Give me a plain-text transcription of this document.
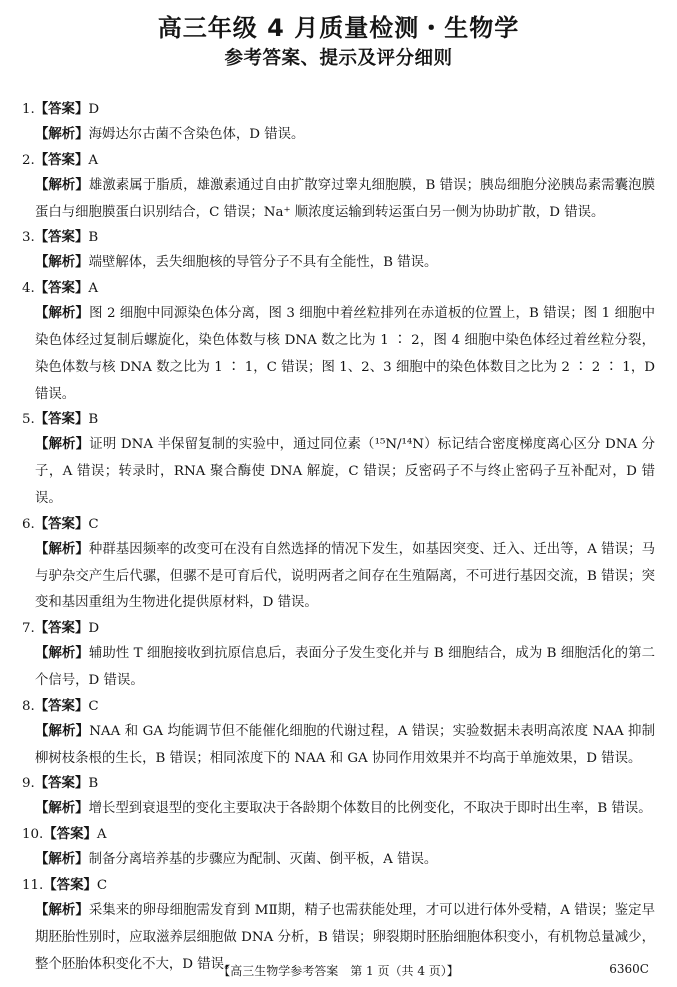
高三年级 4 月质量检测・生物学
参考答案、提示及评分细则
1.【答案】D
【解析】海姆达尔古菌不含染色体，D 错误。
2.【答案】A
【解析】雄激素属于脂质，雄激素通过自由扩散穿过睾丸细胞膜，B 错误；胰岛细胞分泌胰岛素需囊泡膜蛋白与细胞膜蛋白识别结合，C 错误；Na⁺ 顺浓度运输到转运蛋白另一侧为协助扩散，D 错误。
3.【答案】B
【解析】端壁解体，丢失细胞核的导管分子不具有全能性，B 错误。
4.【答案】A
【解析】图 2 细胞中同源染色体分离，图 3 细胞中着丝粒排列在赤道板的位置上，B 错误；图 1 细胞中染色体经过复制后螺旋化，染色体数与核 DNA 数之比为 1 ∶ 2，图 4 细胞中染色体经过着丝粒分裂，染色体数与核 DNA 数之比为 1 ∶ 1，C 错误；图 1、2、3 细胞中的染色体数目之比为 2 ∶ 2 ∶ 1，D 错误。
5.【答案】B
【解析】证明 DNA 半保留复制的实验中，通过同位素（¹⁵N/¹⁴N）标记结合密度梯度离心区分 DNA 分子，A 错误；转录时，RNA 聚合酶使 DNA 解旋，C 错误；反密码子不与终止密码子互补配对，D 错误。
6.【答案】C
【解析】种群基因频率的改变可在没有自然选择的情况下发生，如基因突变、迁入、迁出等，A 错误；马与驴杂交产生后代骡，但骡不是可育后代，说明两者之间存在生殖隔离，不可进行基因交流，B 错误；突变和基因重组为生物进化提供原材料，D 错误。
7.【答案】D
【解析】辅助性 T 细胞接收到抗原信息后，表面分子发生变化并与 B 细胞结合，成为 B 细胞活化的第二个信号，D 错误。
8.【答案】C
【解析】NAA 和 GA 均能调节但不能催化细胞的代谢过程，A 错误；实验数据未表明高浓度 NAA 抑制柳树枝条根的生长，B 错误；相同浓度下的 NAA 和 GA 协同作用效果并不均高于单施效果，D 错误。
9.【答案】B
【解析】增长型到衰退型的变化主要取决于各龄期个体数目的比例变化，不取决于即时出生率，B 错误。
10.【答案】A
【解析】制备分离培养基的步骤应为配制、灭菌、倒平板，A 错误。
11.【答案】C
【解析】采集来的卵母细胞需发育到 MⅡ期，精子也需获能处理，才可以进行体外受精，A 错误；鉴定早期胚胎性别时，应取滋养层细胞做 DNA 分析，B 错误；卵裂期时胚胎细胞体积变小，有机物总量减少，整个胚胎体积变化不大，D 错误。
【高三生物学参考答案　第 1 页（共 4 页）】	6360C
